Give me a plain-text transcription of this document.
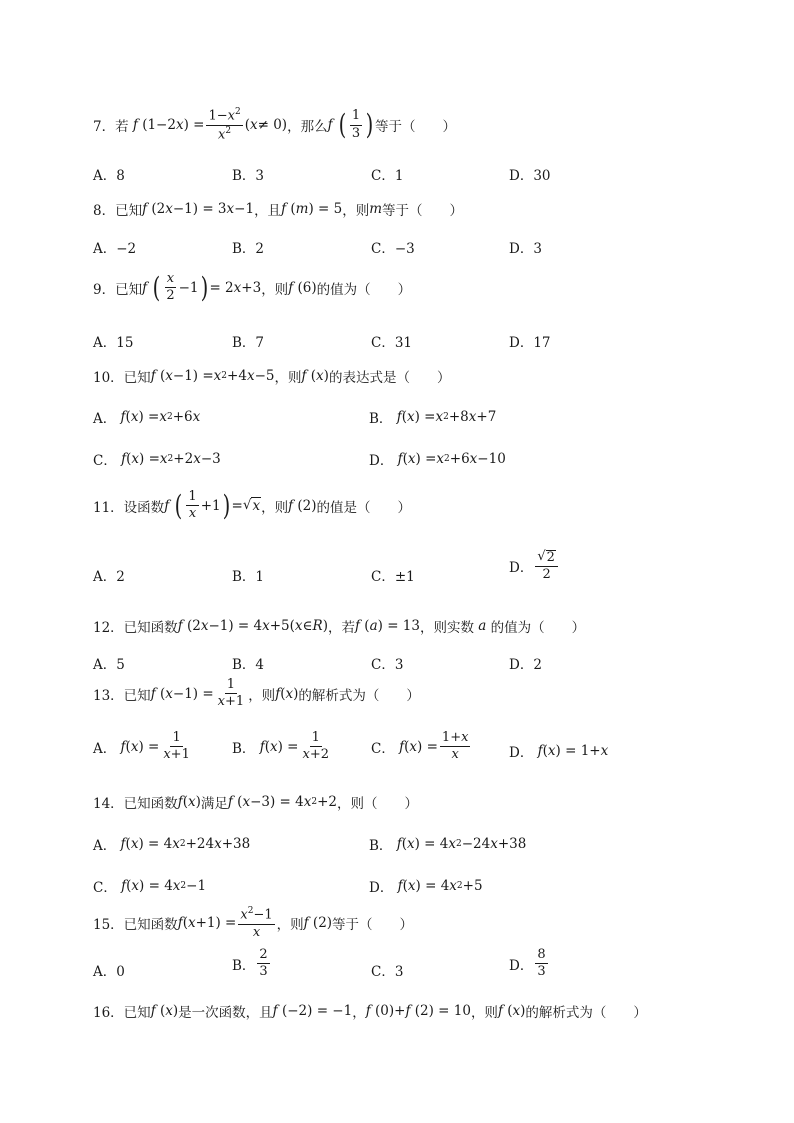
7．若 f (1−2 x ) = $\frac{1-x^2}{x^2}$ ( x ≠ 0) ，那么 f ( $\frac{1}{3}$ ) 等于（　　）
A．8	B．3	C．1	D．30
8．已知 f (2 x −1) = 3 x −1 ，且 f ( m ) = 5 ，则 m 等于（　　）
A．−2	B．2	C．−3	D．3
9．已知 f ( $\frac{x}{2} -1$ ) = 2 x +3 ，则 f (6) 的值为（　　）
A．15	B．7	C．31	D．17
10．已知 f ( x −1) = x 2 +4 x −5 ，则 f ( x ) 的表达式是（　　）
A．
f ( x ) = x 2 +6 x	B．
f ( x ) = x 2 +8 x +7
C．
f ( x ) = x 2 +2 x −3	D．
f ( x ) = x 2 +6 x −10
11．设函数 f ( $\frac{1}{x} +1$ ) = √ x ，则 f (2) 的值是（　　）
A．2	B．1	C．±1
D． $\frac{√ 2}{2}$
12．已知函数 f (2 x −1) = 4 x +5( x ∈ R ) ，若 f ( a ) = 13 ，则实数 a 的值为（　　）
A．5	B．4	C．3	D．2
13．已知 f ( $x -1) = \frac{1}{x+1}$ ，则 f ( x ) 的解析式为（　　）
A．
f ( x ) = $\frac{1}{x+1}$	B．
f ( x ) = $\frac{1}{x+2}$	C．
f ( x ) = $\frac{1+x}{x}$	D．
f ( x ) = 1+ x
14．已知函数 f ( x ) 满足 f ( x −3) = 4 x 2 +2 ，则（　　）
A．
f ( x ) = 4 x 2 +24 x +38	B．
f ( x ) = 4 x 2 −24 x +38
C．
f ( x ) = 4 x 2 −1	D．
f ( x ) = 4 x 2 +5
15．已知函数 f ( $x +1) = \frac{x^2-1}{x}$ ，则 f (2) 等于（　　）
A．0	B． $\frac{2}{3}$	C．3	D． $\frac{8}{3}$
16．已知 f ( x ) 是一次函数，且 f (−2) = −1 ， f (0)+ f (2) = 10 ，则 f ( x ) 的解析式为（　　）
